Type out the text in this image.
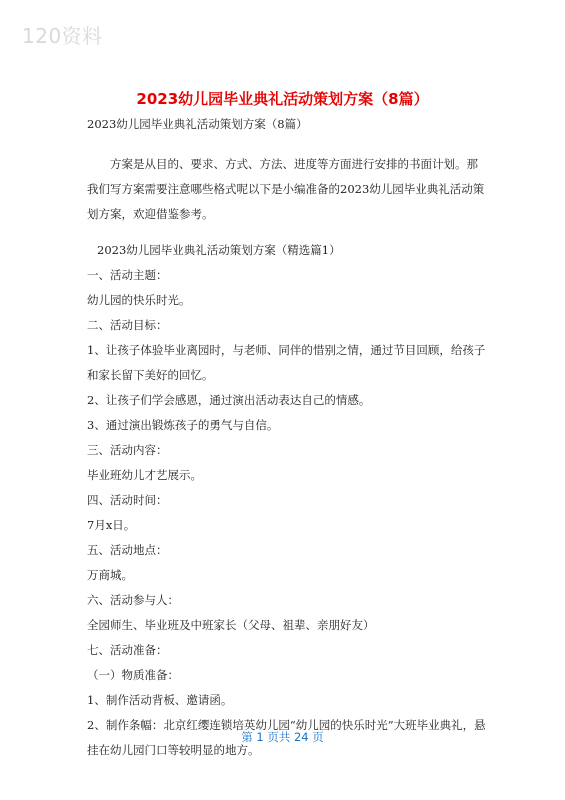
120资料
2023幼儿园毕业典礼活动策划方案（8篇）
2023幼儿园毕业典礼活动策划方案（8篇）

方案是从目的、要求、方式、方法、进度等方面进行安排的书面计划。那我们写方案需要注意哪些格式呢以下是小编准备的2023幼儿园毕业典礼活动策划方案，欢迎借鉴参考。

2023幼儿园毕业典礼活动策划方案（精选篇1）
一、活动主题：
幼儿园的快乐时光。
二、活动目标：
1、让孩子体验毕业离园时，与老师、同伴的惜别之情，通过节目回顾，给孩子和家长留下美好的回忆。
2、让孩子们学会感恩，通过演出活动表达自己的情感。
3、通过演出锻炼孩子的勇气与自信。
三、活动内容：
毕业班幼儿才艺展示。
四、活动时间：
7月x日。
五、活动地点：
万商城。
六、活动参与人：
全园师生、毕业班及中班家长（父母、祖辈、亲朋好友）
七、活动准备：
（一）物质准备：
1、制作活动背板、邀请函。
2、制作条幅：北京红缨连锁培英幼儿园“幼儿园的快乐时光”大班毕业典礼，悬挂在幼儿园门口等较明显的地方。
第 1 页共 24 页
